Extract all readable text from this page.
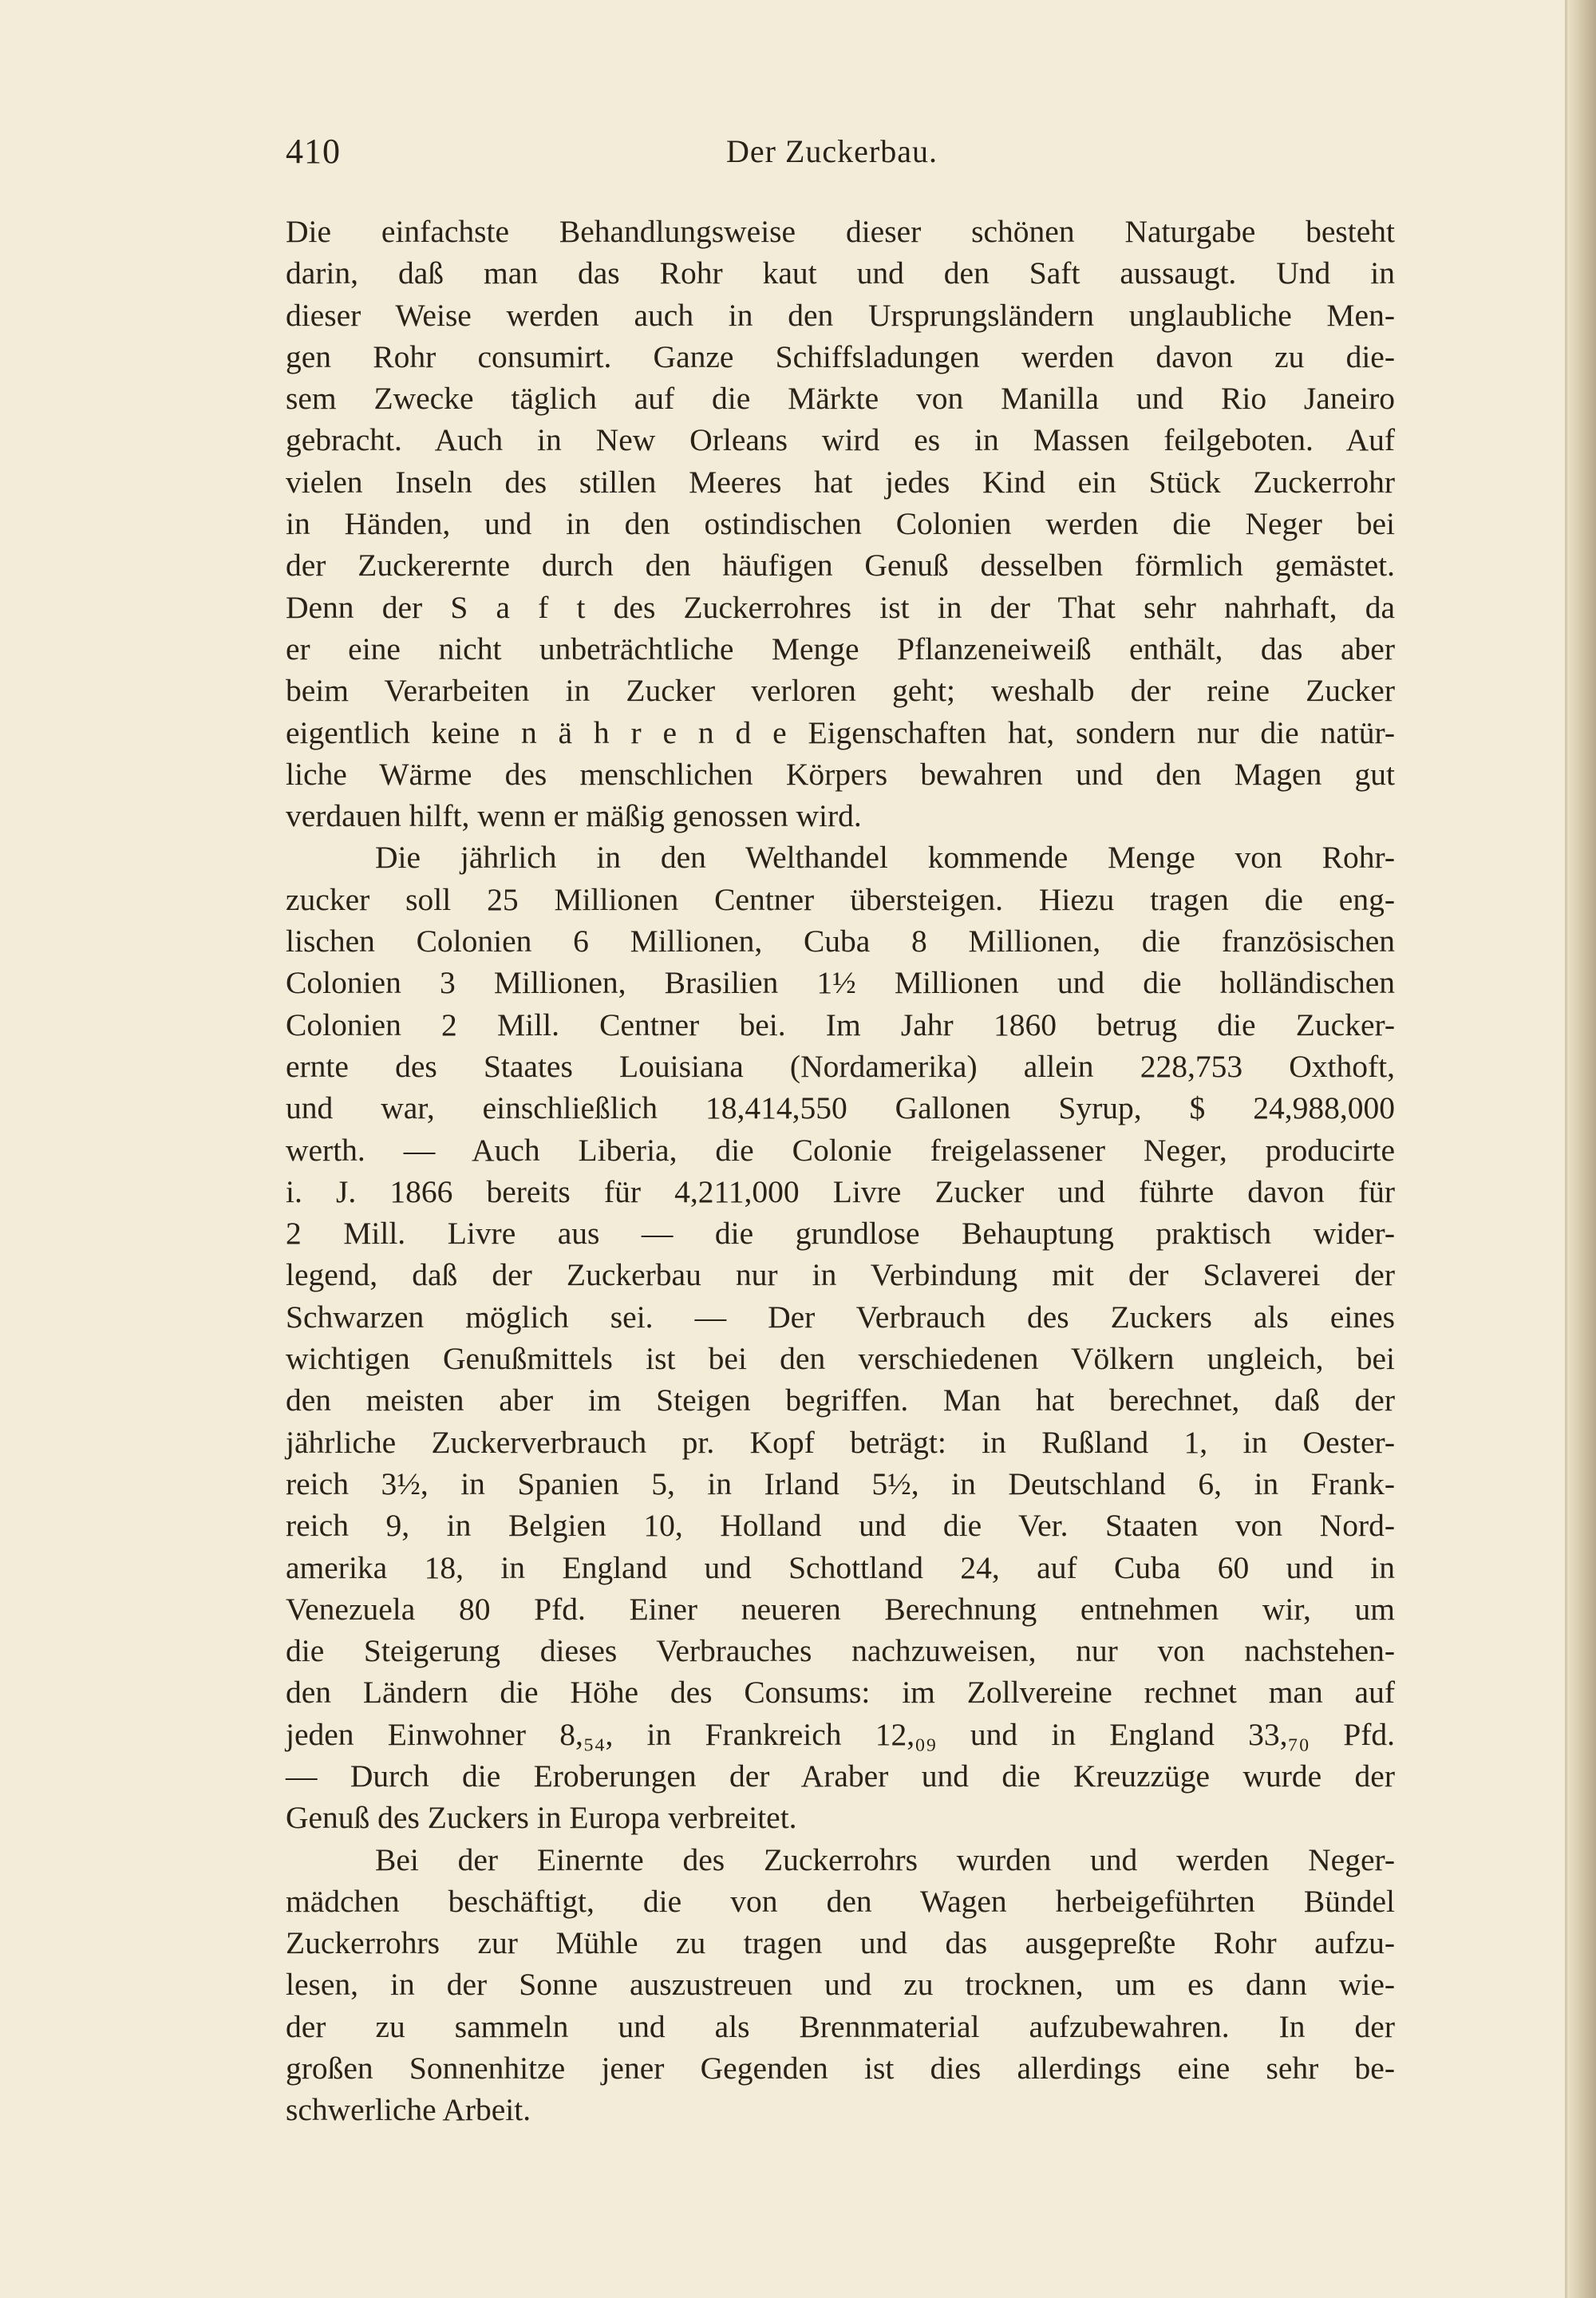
410	Der Zuckerbau.
Die einfachste Behandlungsweise dieser schönen Naturgabe besteht
darin, daß man das Rohr kaut und den Saft aussaugt. Und in
dieser Weise werden auch in den Ursprungsländern unglaubliche Men-
gen Rohr consumirt. Ganze Schiffsladungen werden davon zu die-
sem Zwecke täglich auf die Märkte von Manilla und Rio Janeiro
gebracht. Auch in New Orleans wird es in Massen feilgeboten. Auf
vielen Inseln des stillen Meeres hat jedes Kind ein Stück Zuckerrohr
in Händen, und in den ostindischen Colonien werden die Neger bei
der Zuckerernte durch den häufigen Genuß desselben förmlich gemästet.
Denn der S a f t des Zuckerrohres ist in der That sehr nahrhaft, da
er eine nicht unbeträchtliche Menge Pflanzeneiweiß enthält, das aber
beim Verarbeiten in Zucker verloren geht; weshalb der reine Zucker
eigentlich keine n ä h r e n d e Eigenschaften hat, sondern nur die natür-
liche Wärme des menschlichen Körpers bewahren und den Magen gut
verdauen hilft, wenn er mäßig genossen wird.
Die jährlich in den Welthandel kommende Menge von Rohr-
zucker soll 25 Millionen Centner übersteigen. Hiezu tragen die eng-
lischen Colonien 6 Millionen, Cuba 8 Millionen, die französischen
Colonien 3 Millionen, Brasilien 1½ Millionen und die holländischen
Colonien 2 Mill. Centner bei. Im Jahr 1860 betrug die Zucker-
ernte des Staates Louisiana (Nordamerika) allein 228,753 Oxthoft,
und war, einschließlich 18,414,550 Gallonen Syrup, $ 24,988,000
werth. — Auch Liberia, die Colonie freigelassener Neger, producirte
i. J. 1866 bereits für 4,211,000 Livre Zucker und führte davon für
2 Mill. Livre aus — die grundlose Behauptung praktisch wider-
legend, daß der Zuckerbau nur in Verbindung mit der Sclaverei der
Schwarzen möglich sei. — Der Verbrauch des Zuckers als eines
wichtigen Genußmittels ist bei den verschiedenen Völkern ungleich, bei
den meisten aber im Steigen begriffen. Man hat berechnet, daß der
jährliche Zuckerverbrauch pr. Kopf beträgt: in Rußland 1, in Oester-
reich 3½, in Spanien 5, in Irland 5½, in Deutschland 6, in Frank-
reich 9, in Belgien 10, Holland und die Ver. Staaten von Nord-
amerika 18, in England und Schottland 24, auf Cuba 60 und in
Venezuela 80 Pfd. Einer neueren Berechnung entnehmen wir, um
die Steigerung dieses Verbrauches nachzuweisen, nur von nachstehen-
den Ländern die Höhe des Consums: im Zollvereine rechnet man auf
jeden Einwohner 8,₅₄, in Frankreich 12,₀₉ und in England 33,₇₀ Pfd.
— Durch die Eroberungen der Araber und die Kreuzzüge wurde der
Genuß des Zuckers in Europa verbreitet.
Bei der Einernte des Zuckerrohrs wurden und werden Neger-
mädchen beschäftigt, die von den Wagen herbeigeführten Bündel
Zuckerrohrs zur Mühle zu tragen und das ausgepreßte Rohr aufzu-
lesen, in der Sonne auszustreuen und zu trocknen, um es dann wie-
der zu sammeln und als Brennmaterial aufzubewahren. In der
großen Sonnenhitze jener Gegenden ist dies allerdings eine sehr be-
schwerliche Arbeit.
